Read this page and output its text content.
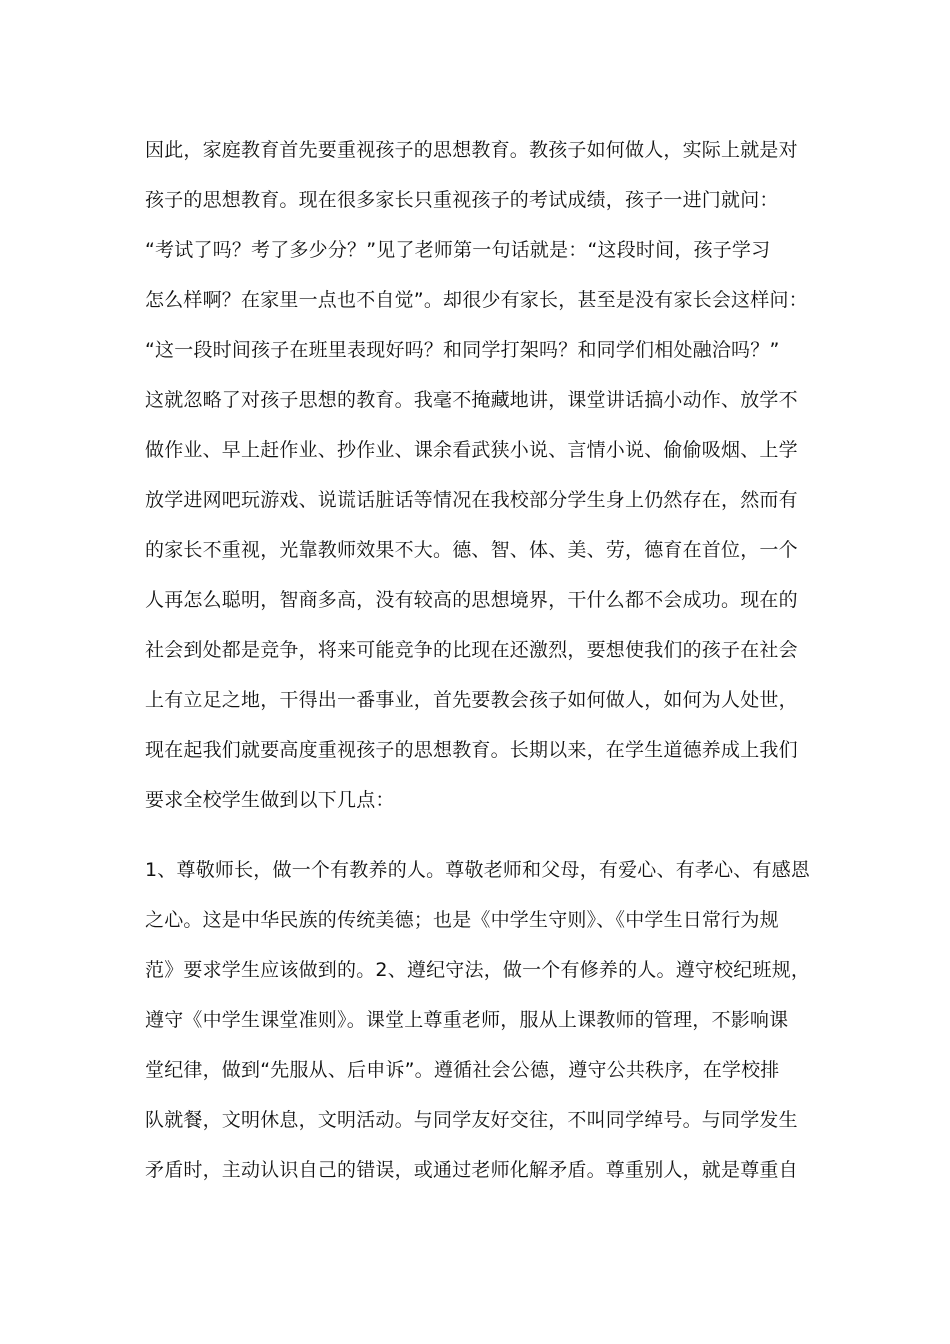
因此，家庭教育首先要重视孩子的思想教育。教孩子如何做人，实际上就是对
孩子的思想教育。现在很多家长只重视孩子的考试成绩，孩子一进门就问：
“考试了吗？考了多少分？”见了老师第一句话就是：“这段时间，孩子学习
怎么样啊？在家里一点也不自觉”。却很少有家长，甚至是没有家长会这样问：
“这一段时间孩子在班里表现好吗？和同学打架吗？和同学们相处融洽吗？”
这就忽略了对孩子思想的教育。我毫不掩藏地讲，课堂讲话搞小动作、放学不
做作业、早上赶作业、抄作业、课余看武狭小说、言情小说、偷偷吸烟、上学
放学进网吧玩游戏、说谎话脏话等情况在我校部分学生身上仍然存在，然而有
的家长不重视，光靠教师效果不大。德、智、体、美、劳，德育在首位，一个
人再怎么聪明，智商多高，没有较高的思想境界，干什么都不会成功。现在的
社会到处都是竞争，将来可能竞争的比现在还激烈，要想使我们的孩子在社会
上有立足之地，干得出一番事业，首先要教会孩子如何做人，如何为人处世，
现在起我们就要高度重视孩子的思想教育。长期以来，在学生道德养成上我们
要求全校学生做到以下几点：
1、尊敬师长，做一个有教养的人。尊敬老师和父母，有爱心、有孝心、有感恩
之心。这是中华民族的传统美德；也是《中学生守则》、《中学生日常行为规
范》要求学生应该做到的。2、遵纪守法，做一个有修养的人。遵守校纪班规，
遵守《中学生课堂准则》。课堂上尊重老师，服从上课教师的管理，不影响课
堂纪律，做到“先服从、后申诉”。遵循社会公德，遵守公共秩序，在学校排
队就餐，文明休息，文明活动。与同学友好交往，不叫同学绰号。与同学发生
矛盾时，主动认识自己的错误，或通过老师化解矛盾。尊重别人，就是尊重自
